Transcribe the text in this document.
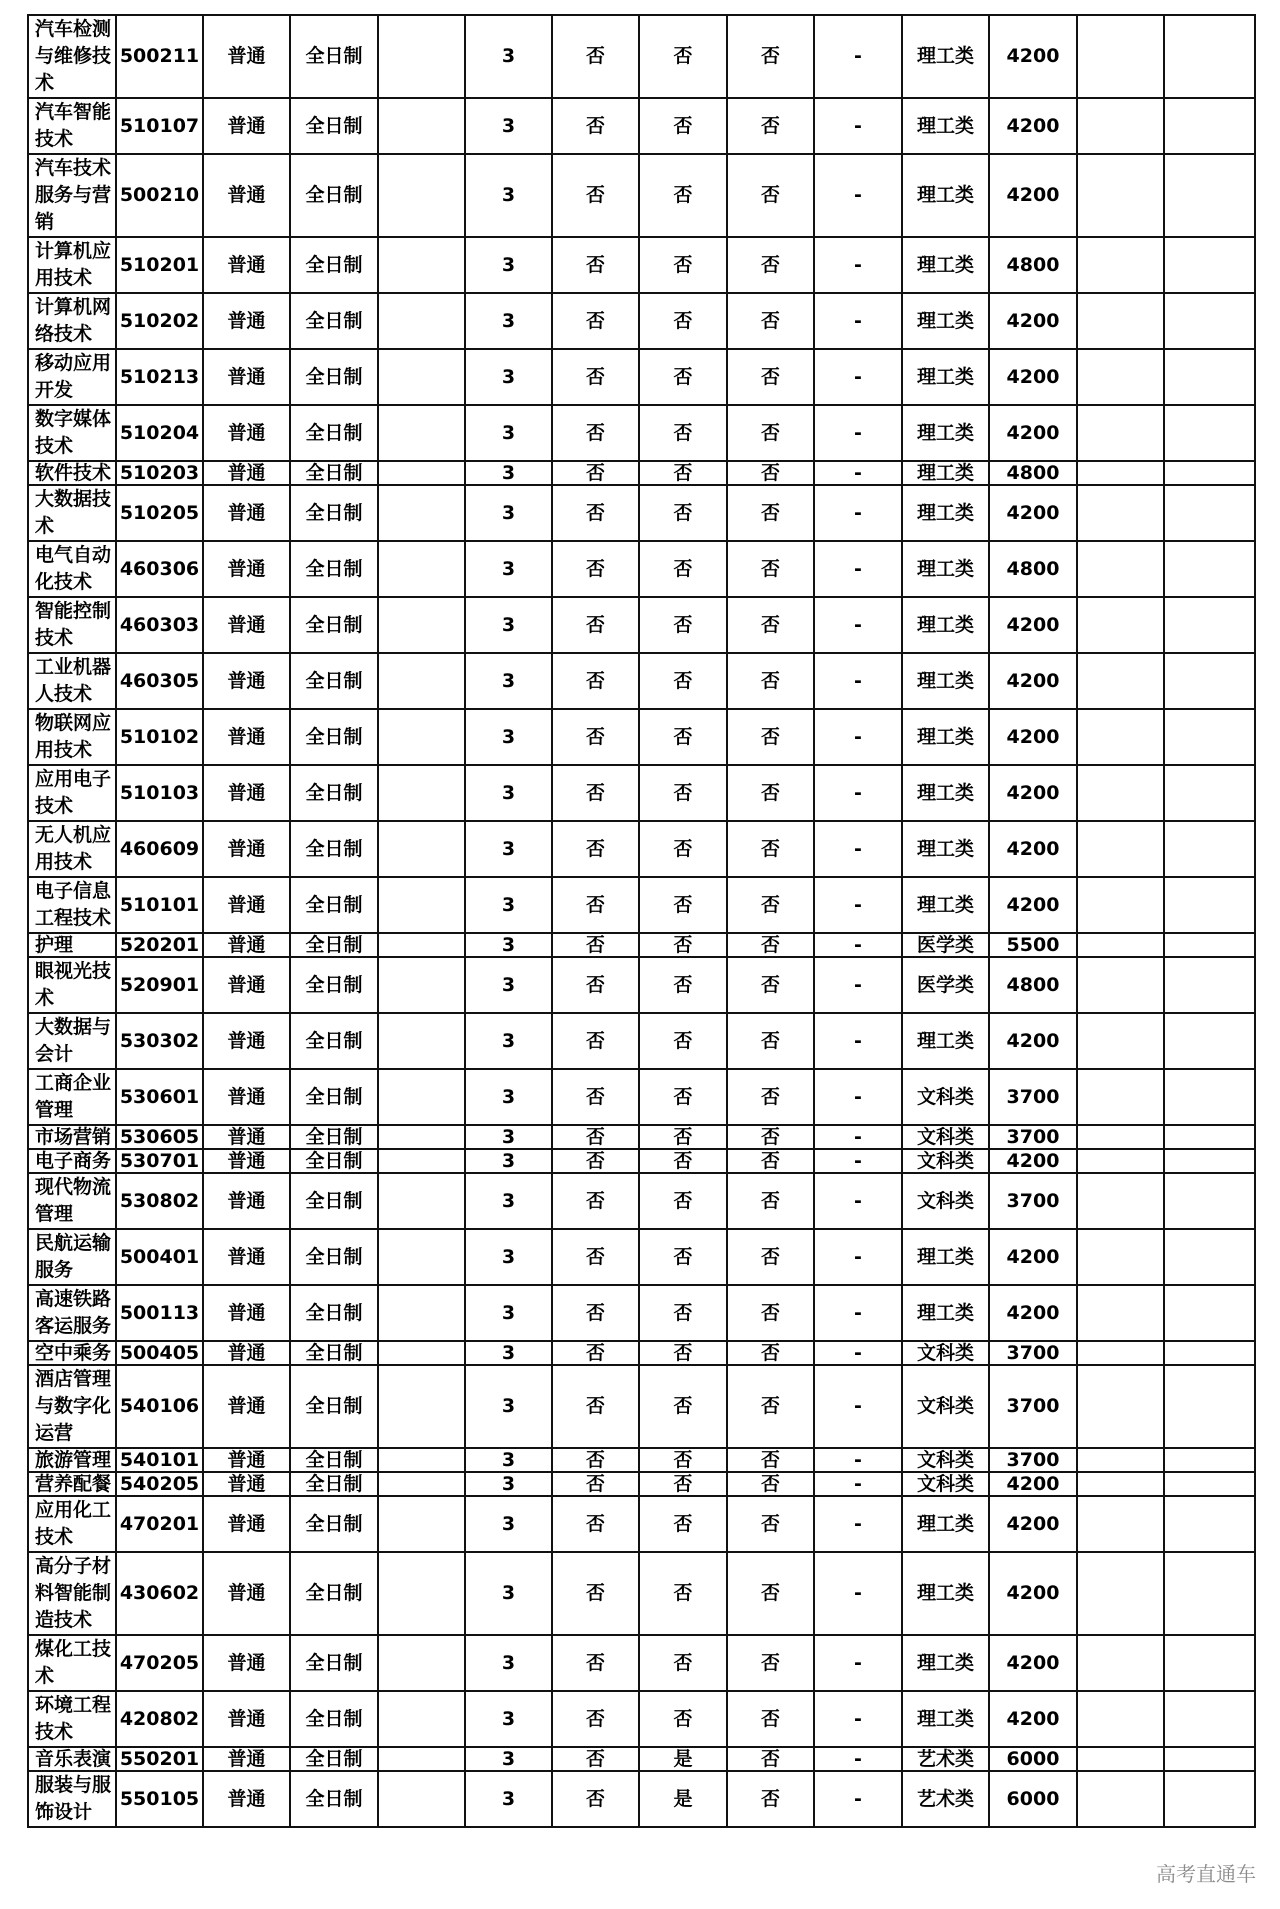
汽车检测与维修技术	500211	普通	全日制		3	否	否	否	-	理工类	4200		
汽车智能技术	510107	普通	全日制		3	否	否	否	-	理工类	4200		
汽车技术服务与营销	500210	普通	全日制		3	否	否	否	-	理工类	4200		
计算机应用技术	510201	普通	全日制		3	否	否	否	-	理工类	4800		
计算机网络技术	510202	普通	全日制		3	否	否	否	-	理工类	4200		
移动应用开发	510213	普通	全日制		3	否	否	否	-	理工类	4200		
数字媒体技术	510204	普通	全日制		3	否	否	否	-	理工类	4200		
软件技术	510203	普通	全日制		3	否	否	否	-	理工类	4800		
大数据技术	510205	普通	全日制		3	否	否	否	-	理工类	4200		
电气自动化技术	460306	普通	全日制		3	否	否	否	-	理工类	4800		
智能控制技术	460303	普通	全日制		3	否	否	否	-	理工类	4200		
工业机器人技术	460305	普通	全日制		3	否	否	否	-	理工类	4200		
物联网应用技术	510102	普通	全日制		3	否	否	否	-	理工类	4200		
应用电子技术	510103	普通	全日制		3	否	否	否	-	理工类	4200		
无人机应用技术	460609	普通	全日制		3	否	否	否	-	理工类	4200		
电子信息工程技术	510101	普通	全日制		3	否	否	否	-	理工类	4200		
护理	520201	普通	全日制		3	否	否	否	-	医学类	5500		
眼视光技术	520901	普通	全日制		3	否	否	否	-	医学类	4800		
大数据与会计	530302	普通	全日制		3	否	否	否	-	理工类	4200		
工商企业管理	530601	普通	全日制		3	否	否	否	-	文科类	3700		
市场营销	530605	普通	全日制		3	否	否	否	-	文科类	3700		
电子商务	530701	普通	全日制		3	否	否	否	-	文科类	4200		
现代物流管理	530802	普通	全日制		3	否	否	否	-	文科类	3700		
民航运输服务	500401	普通	全日制		3	否	否	否	-	理工类	4200		
高速铁路客运服务	500113	普通	全日制		3	否	否	否	-	理工类	4200		
空中乘务	500405	普通	全日制		3	否	否	否	-	文科类	3700		
酒店管理与数字化运营	540106	普通	全日制		3	否	否	否	-	文科类	3700		
旅游管理	540101	普通	全日制		3	否	否	否	-	文科类	3700		
营养配餐	540205	普通	全日制		3	否	否	否	-	文科类	4200		
应用化工技术	470201	普通	全日制		3	否	否	否	-	理工类	4200		
高分子材料智能制造技术	430602	普通	全日制		3	否	否	否	-	理工类	4200		
煤化工技术	470205	普通	全日制		3	否	否	否	-	理工类	4200		
环境工程技术	420802	普通	全日制		3	否	否	否	-	理工类	4200		
音乐表演	550201	普通	全日制		3	否	是	否	-	艺术类	6000		
服装与服饰设计	550105	普通	全日制		3	否	是	否	-	艺术类	6000		
高考直通车
